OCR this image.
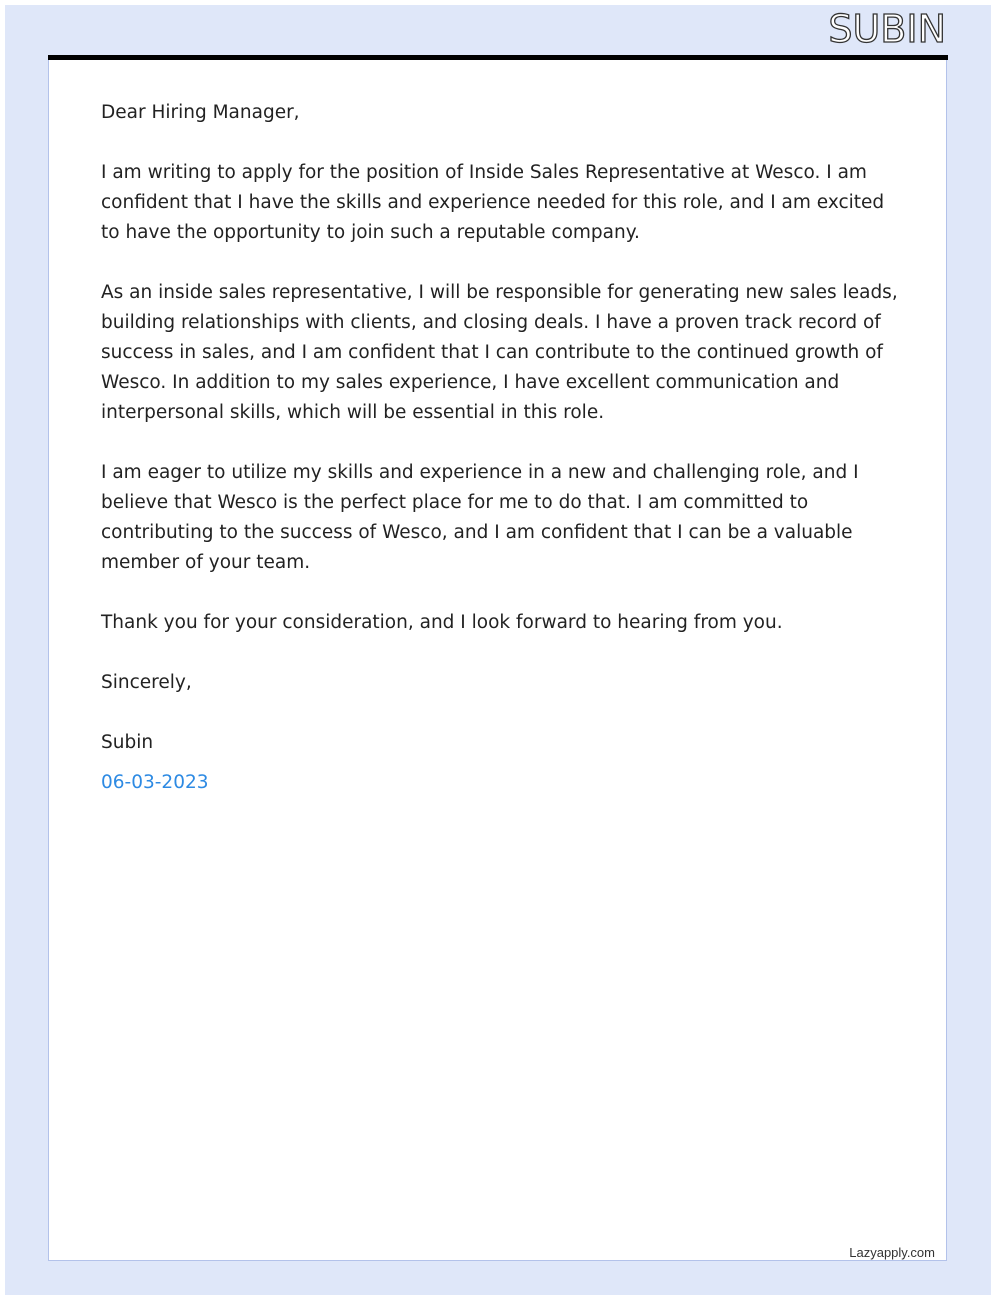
SUBIN

Dear Hiring Manager,

I am writing to apply for the position of Inside Sales Representative at Wesco. I am confident that I have the skills and experience needed for this role, and I am excited to have the opportunity to join such a reputable company.

As an inside sales representative, I will be responsible for generating new sales leads, building relationships with clients, and closing deals. I have a proven track record of success in sales, and I am confident that I can contribute to the continued growth of Wesco. In addition to my sales experience, I have excellent communication and interpersonal skills, which will be essential in this role.

I am eager to utilize my skills and experience in a new and challenging role, and I believe that Wesco is the perfect place for me to do that. I am committed to contributing to the success of Wesco, and I am confident that I can be a valuable member of your team.

Thank you for your consideration, and I look forward to hearing from you.

Sincerely,

Subin

06-03-2023

Lazyapply.com
